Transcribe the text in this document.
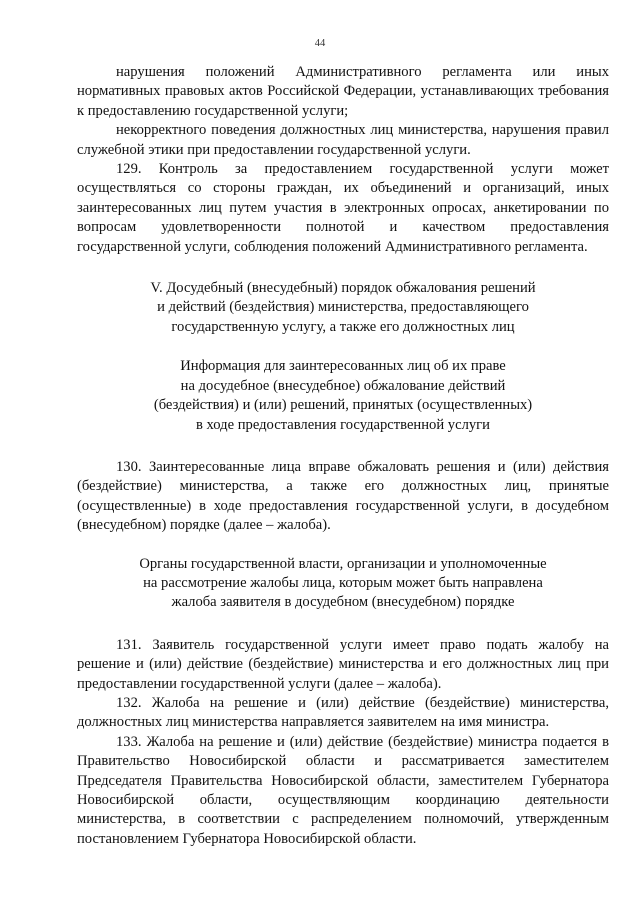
44

нарушения положений Административного регламента или иных нормативных правовых актов Российской Федерации, устанавливающих требования к предоставлению государственной услуги;

некорректного поведения должностных лиц министерства, нарушения правил служебной этики при предоставлении государственной услуги.

129. Контроль за предоставлением государственной услуги может осуществляться со стороны граждан, их объединений и организаций, иных заинтересованных лиц путем участия в электронных опросах, анкетировании по вопросам удовлетворенности полнотой и качеством предоставления государственной услуги, соблюдения положений Административного регламента.

V. Досудебный (внесудебный) порядок обжалования решений
и действий (бездействия) министерства, предоставляющего
государственную услугу, а также его должностных лиц
Информация для заинтересованных лиц об их праве
на досудебное (внесудебное) обжалование действий
(бездействия) и (или) решений, принятых (осуществленных)
в ходе предоставления государственной услуги

130. Заинтересованные лица вправе обжаловать решения и (или) действия (бездействие) министерства, а также его должностных лиц, принятые (осуществленные) в ходе предоставления государственной услуги, в досудебном (внесудебном) порядке (далее – жалоба).

Органы государственной власти, организации и уполномоченные
на рассмотрение жалобы лица, которым может быть направлена
жалоба заявителя в досудебном (внесудебном) порядке

131. Заявитель государственной услуги имеет право подать жалобу на решение и (или) действие (бездействие) министерства и его должностных лиц при предоставлении государственной услуги (далее – жалоба).

132. Жалоба на решение и (или) действие (бездействие) министерства, должностных лиц министерства направляется заявителем на имя министра.

133. Жалоба на решение и (или) действие (бездействие) министра подается в Правительство Новосибирской области и рассматривается заместителем Председателя Правительства Новосибирской области, заместителем Губернатора Новосибирской области, осуществляющим координацию деятельности министерства, в соответствии с распределением полномочий, утвержденным постановлением Губернатора Новосибирской области.
